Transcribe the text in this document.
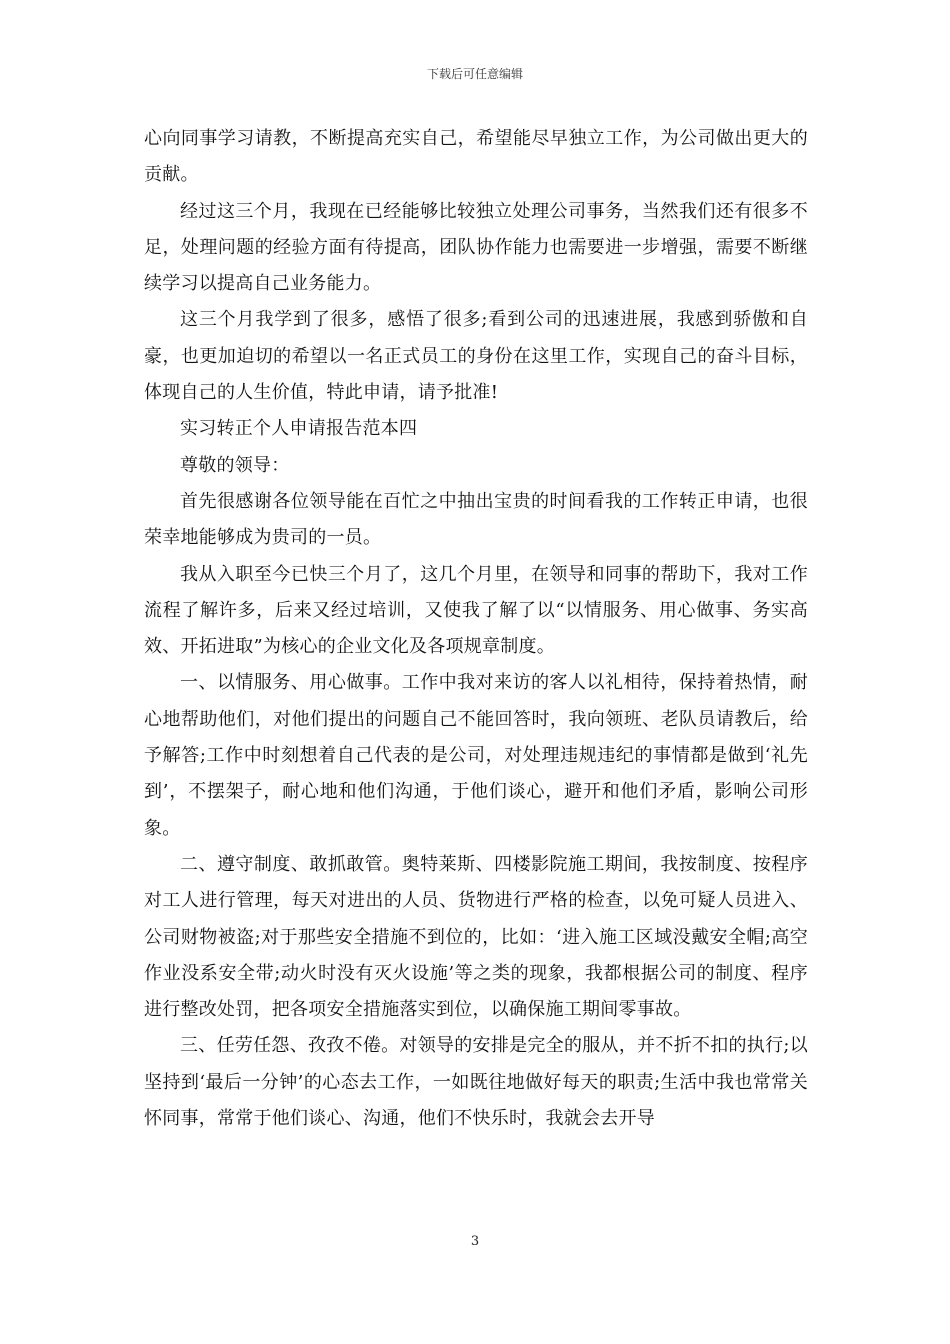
下载后可任意编辑

心向同事学习请教，不断提高充实自己，希望能尽早独立工作，为公司做出更大的贡献。

经过这三个月，我现在已经能够比较独立处理公司事务，当然我们还有很多不足，处理问题的经验方面有待提高，团队协作能力也需要进一步增强，需要不断继续学习以提高自己业务能力。

这三个月我学到了很多，感悟了很多;看到公司的迅速进展，我感到骄傲和自豪，也更加迫切的希望以一名正式员工的身份在这里工作，实现自己的奋斗目标，体现自己的人生价值，特此申请，请予批准!

实习转正个人申请报告范本四

尊敬的领导：

首先很感谢各位领导能在百忙之中抽出宝贵的时间看我的工作转正申请，也很荣幸地能够成为贵司的一员。

我从入职至今已快三个月了，这几个月里，在领导和同事的帮助下，我对工作流程了解许多，后来又经过培训，又使我了解了以“以情服务、用心做事、务实高效、开拓进取”为核心的企业文化及各项规章制度。

一、以情服务、用心做事。工作中我对来访的客人以礼相待，保持着热情，耐心地帮助他们，对他们提出的问题自己不能回答时，我向领班、老队员请教后，给予解答;工作中时刻想着自己代表的是公司，对处理违规违纪的事情都是做到‘礼先到’，不摆架子，耐心地和他们沟通，于他们谈心，避开和他们矛盾，影响公司形象。

二、遵守制度、敢抓敢管。奥特莱斯、四楼影院施工期间，我按制度、按程序对工人进行管理，每天对进出的人员、货物进行严格的检查，以免可疑人员进入、公司财物被盗;对于那些安全措施不到位的，比如：‘进入施工区域没戴安全帽;高空作业没系安全带;动火时没有灭火设施’等之类的现象，我都根据公司的制度、程序进行整改处罚，把各项安全措施落实到位，以确保施工期间零事故。

三、任劳任怨、孜孜不倦。对领导的安排是完全的服从，并不折不扣的执行;以坚持到‘最后一分钟’的心态去工作，一如既往地做好每天的职责;生活中我也常常关怀同事，常常于他们谈心、沟通，他们不快乐时，我就会去开导

3
